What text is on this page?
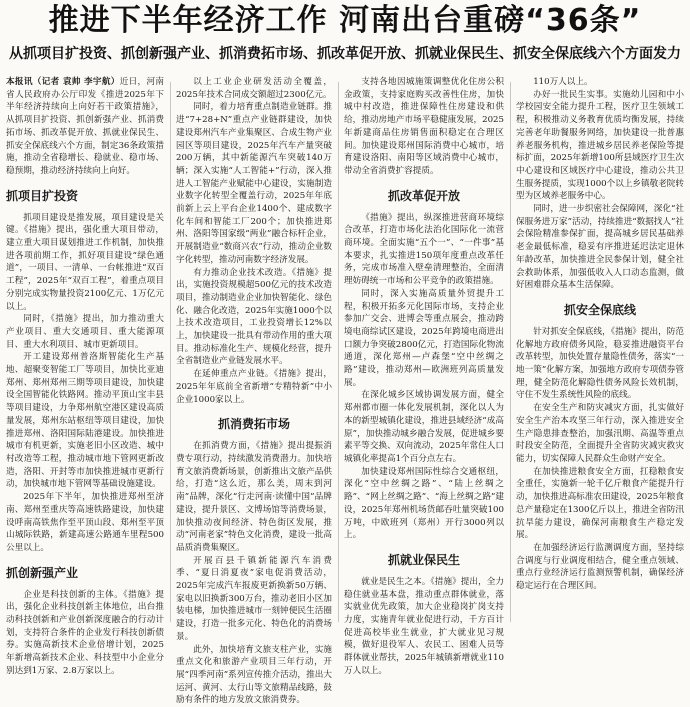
推进下半年经济工作 河南出台重磅“36条”
从抓项目扩投资、抓创新强产业、抓消费拓市场、抓改革促开放、抓就业保民生、抓安全保底线六个方面发力

本报讯（记者 袁帅 李宇航）近日，河南省人民政府办公厅印发《推进2025年下半年经济持续向上向好若干政策措施》，从抓项目扩投资、抓创新强产业、抓消费拓市场、抓改革促开放、抓就业保民生、抓安全保底线六个方面，制定36条政策措施，推动全省稳增长、稳就业、稳市场、稳预期，推动经济持续向上向好。

抓项目扩投资

抓项目建设是推发展，项目建设是关键。《措施》提出，强化重大项目带动，建立重大项目谋划推进工作机制，加快推进各项前期工作，抓好项目建设“绿色通道”，一项目、一清单、一台帐推进“双百工程”，2025年“双百工程”，着重点项目分别完成实物量投资2100亿元、1万亿元以上。

同时，《措施》提出，加力推动重大产业项目、重大交通项目、重大能源项目、重大水利项目、城市更新项目。

开工建设郑州普洛斯智能化生产基地、超聚变智能工厂等项目，加快比亚迪郑州、郑州郑州三期等项目建设，加快建设全国智能化铁路网。推动平顶山宝丰县等项目建设，力争郑州航空港区建设高质量发展，郑州东站枢纽等项目建设，加快推进郑州、洛阳国际陆港建设。加快推进城市有机更新，实施老旧小区改造、城中村改造等工程，推动城市地下管网更新改造，洛阳、开封等市加快推进城市更新行动，加快城市地下管网等基础设施建设。

2025年下半年，加快推进郑州至济南、郑州至重庆等高速铁路建设，加快建设呼南高铁焦作至平顶山段、郑州至平顶山城际铁路，新建高速公路通车里程500公里以上。

抓创新强产业

企业是科技创新的主体。《措施》提出，强化企业科技创新主体地位，出台推动科技创新和产业创新深度融合的行动计划，支持符合条件的企业发行科技创新债券。实施高新技术企业倍增计划，2025年新增高新技术企业、科技型中小企业分别达到1万家、2.8万家以上。

以上工业企业研发活动全覆盖，2025年技术合同成交额超过2300亿元。

同时，着力培育重点制造业链群。推进“7+28+N”重点产业链群建设，加快建设郑州汽车产业集聚区、合成生物产业园区等项目建设，2025年汽车产量突破200万辆，其中新能源汽车突破140万辆；深入实施“人工智能+”行动，深入推进人工智能产业赋能中心建设，实施制造业数字化转型全覆盖行动，2025年年底前新上云上平台企业1400个、建成数字化车间和智能工厂200个；加快推进郑州、洛阳等国家级“两业”融合标杆企业，开展制造业“数商兴农”行动，推动企业数字化转型，推动河南数字经济发展。

有力推动企业技术改造。《措施》提出，实施投资规模超500亿元的技术改造项目，推动制造业企业加快智能化、绿色化、融合化改造，2025年实施1000个以上技术改造项目，工业投资增长12%以上，加快建设一批具有带动作用的重大项目。推动标准化生产、规模化经营，提升全省制造业产业链发展水平。

在延伸重点产业链。《措施》提出，2025年年底前全省新增“专精特新”中小企业1000家以上。

抓消费拓市场

在抓消费方面，《措施》提出提振消费专项行动，持续激发消费潜力。加快培育文旅消费新场景，创新推出文旅产品供给，打造“这么近，那么美，周末到河南”品牌，深化“行走河南·读懂中国”品牌建设，提升景区、文博场馆等消费场景，加快推动夜间经济、特色街区发展，推动“河南老家”特色文化消费，建设一批高品质消费集聚区。

开展百县千镇新能源汽车消费季、“夏日消夏夜”家电促消费活动，2025年完成汽车报废更新换新50万辆、家电以旧换新300万台，推动老旧小区加装电梯，加快推进城市一刻钟便民生活圈建设，打造一批多元化、特色化的消费场景。

此外，加快培育文旅支柱产业，实施重点文化和旅游产业项目三年行动，开展“四季河南”系列宣传推介活动，推出大运河、黄河、太行山等文旅精品线路，鼓励有条件的地方发放文旅消费券。

支持各地因城施策调整优化住房公积金政策，支持家庭购买改善性住房，加快城中村改造，推进保障性住房建设和供给，推动房地产市场平稳健康发展，2025年新建商品住房销售面积稳定在合理区间。加快建设郑州国际消费中心城市，培育建设洛阳、南阳等区域消费中心城市，带动全省消费扩容提质。

抓改革促开放

《措施》提出，纵深推进营商环境综合改革，打造市场化法治化国际化一流营商环境。全面实施“五个一”、“一件事”基本要求，扎实推进150项年度重点改革任务，完成市场准入壁垒清理整治，全面清理妨碍统一市场和公平竞争的政策措施。

同时，深入实施高质量外贸提升工程，积极开拓多元化国际市场，支持企业参加广交会、进博会等重点展会，推动跨境电商综试区建设，2025年跨境电商进出口额力争突破2800亿元，打造国际化物流通道，深化郑州—卢森堡“空中丝绸之路”建设，推动郑州—欧洲班列高质量发展。

在深化城乡区域协调发展方面，健全郑州都市圈一体化发展机制，深化以人为本的新型城镇化建设，推进县域经济“成高原”，加快推动城乡融合发展，促进城乡要素平等交换、双向流动，2025年常住人口城镇化率提高1个百分点左右。

加快建设郑州国际性综合交通枢纽，深化“空中丝绸之路”、“陆上丝绸之路”、“网上丝绸之路”、“海上丝绸之路”建设，2025年郑州机场货邮吞吐量突破100万吨，中欧班列（郑州）开行3000列以上。

抓就业保民生

就业是民生之本。《措施》提出，全力稳住就业基本盘，推动重点群体就业，落实就业优先政策，加大企业稳岗扩岗支持力度，实施青年就业促进行动，千方百计促进高校毕业生就业，扩大就业见习规模，做好退役军人、农民工、困难人员等群体就业帮扶，2025年城镇新增就业110万人以上。

110万人以上。

办好一批民生实事。实施幼儿园和中小学校园安全能力提升工程，医疗卫生领域工程，积极推动义务教育优质均衡发展，持续完善老年助餐服务网络，加快建设一批普惠养老服务机构，推进城乡居民养老保险等提标扩面，2025年新增100所县域医疗卫生次中心建设和区域医疗中心建设，推动公共卫生服务提质，实现1000个以上乡镇敬老院转型为区域养老服务中心。

同时，进一步织密社会保障网，深化“社保服务进万家”活动，持续推进“数据找人”社会保险精准参保扩面，提高城乡居民基础养老金最低标准，稳妥有序推进延迟法定退休年龄改革，加快推进全民参保计划，健全社会救助体系，加强低收入人口动态监测，做好困难群众基本生活保障。

抓安全保底线

针对抓安全保底线，《措施》提出，防范化解地方政府债务风险，稳妥推进融资平台改革转型，加快处置存量隐性债务，落实“一地一策”化解方案，加强地方政府专项债券管理，健全防范化解隐性债务风险长效机制，守住不发生系统性风险的底线。

在安全生产和防灾减灾方面，扎实做好安全生产治本攻坚三年行动，深入推进安全生产隐患排查整治，加强汛期、高温等重点时段安全防范，全面提升全省防灾减灾救灾能力，切实保障人民群众生命财产安全。

在加快推进粮食安全方面，扛稳粮食安全重任，实施新一轮千亿斤粮食产能提升行动，加快推进高标准农田建设，2025年粮食总产量稳定在1300亿斤以上，推进全省防汛抗旱能力建设，确保河南粮食生产稳定发展。

在加强经济运行监测调度方面，坚持综合调度与行业调度相结合，健全重点领域、重点行业经济运行监测预警机制，确保经济稳定运行在合理区间。
